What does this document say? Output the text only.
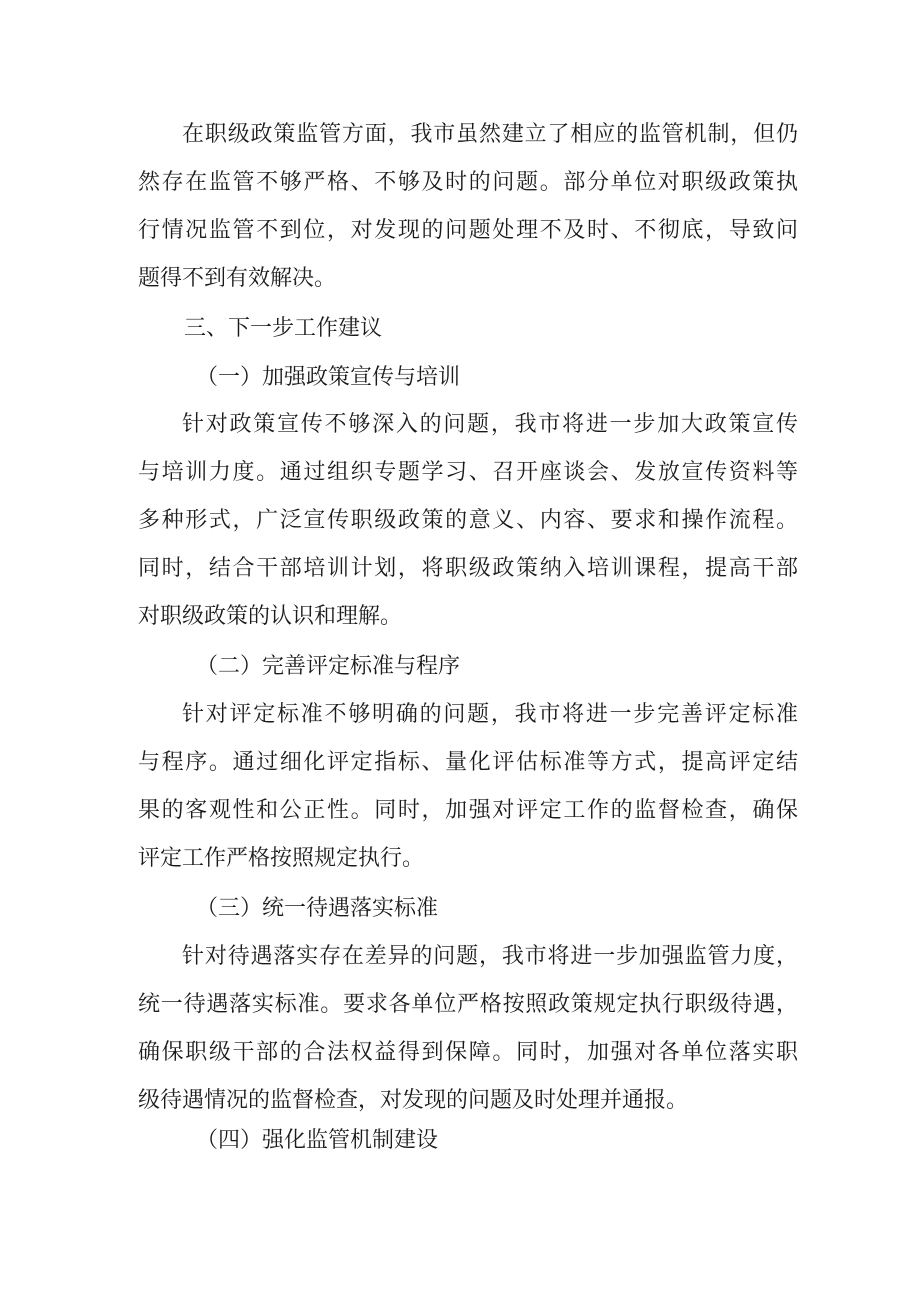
在职级政策监管方面，我市虽然建立了相应的监管机制，但仍
然存在监管不够严格、不够及时的问题。部分单位对职级政策执
行情况监管不到位，对发现的问题处理不及时、不彻底，导致问
题得不到有效解决。
三、下一步工作建议
（一）加强政策宣传与培训
针对政策宣传不够深入的问题，我市将进一步加大政策宣传
与培训力度。通过组织专题学习、召开座谈会、发放宣传资料等
多种形式，广泛宣传职级政策的意义、内容、要求和操作流程。
同时，结合干部培训计划，将职级政策纳入培训课程，提高干部
对职级政策的认识和理解。
（二）完善评定标准与程序
针对评定标准不够明确的问题，我市将进一步完善评定标准
与程序。通过细化评定指标、量化评估标准等方式，提高评定结
果的客观性和公正性。同时，加强对评定工作的监督检查，确保
评定工作严格按照规定执行。
（三）统一待遇落实标准
针对待遇落实存在差异的问题，我市将进一步加强监管力度，
统一待遇落实标准。要求各单位严格按照政策规定执行职级待遇，
确保职级干部的合法权益得到保障。同时，加强对各单位落实职
级待遇情况的监督检查，对发现的问题及时处理并通报。
（四）强化监管机制建设
